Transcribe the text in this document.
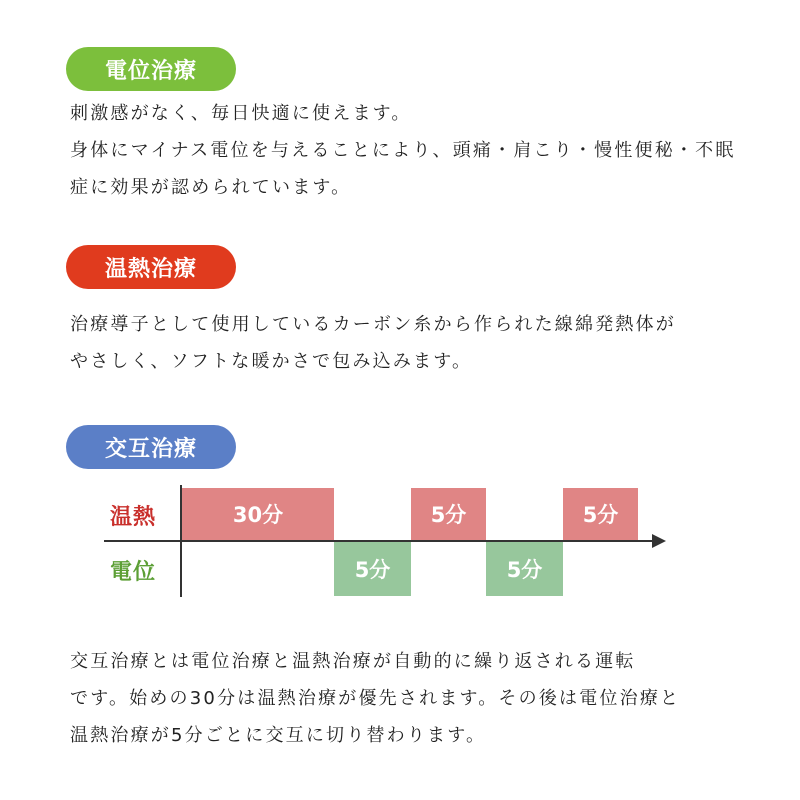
電位治療

刺激感がなく、毎日快適に使えます。
身体にマイナス電位を与えることにより、頭痛・肩こり・慢性便秘・不眠
症に効果が認められています。

温熱治療

治療導子として使用しているカーボン糸から作られた線綿発熱体が
やさしく、ソフトな暖かさで包み込みます。

交互治療
温熱
電位
30分	5分	5分
5分	5分

交互治療とは電位治療と温熱治療が自動的に繰り返される運転
です。始めの30分は温熱治療が優先されます。その後は電位治療と
温熱治療が5分ごとに交互に切り替わります。
